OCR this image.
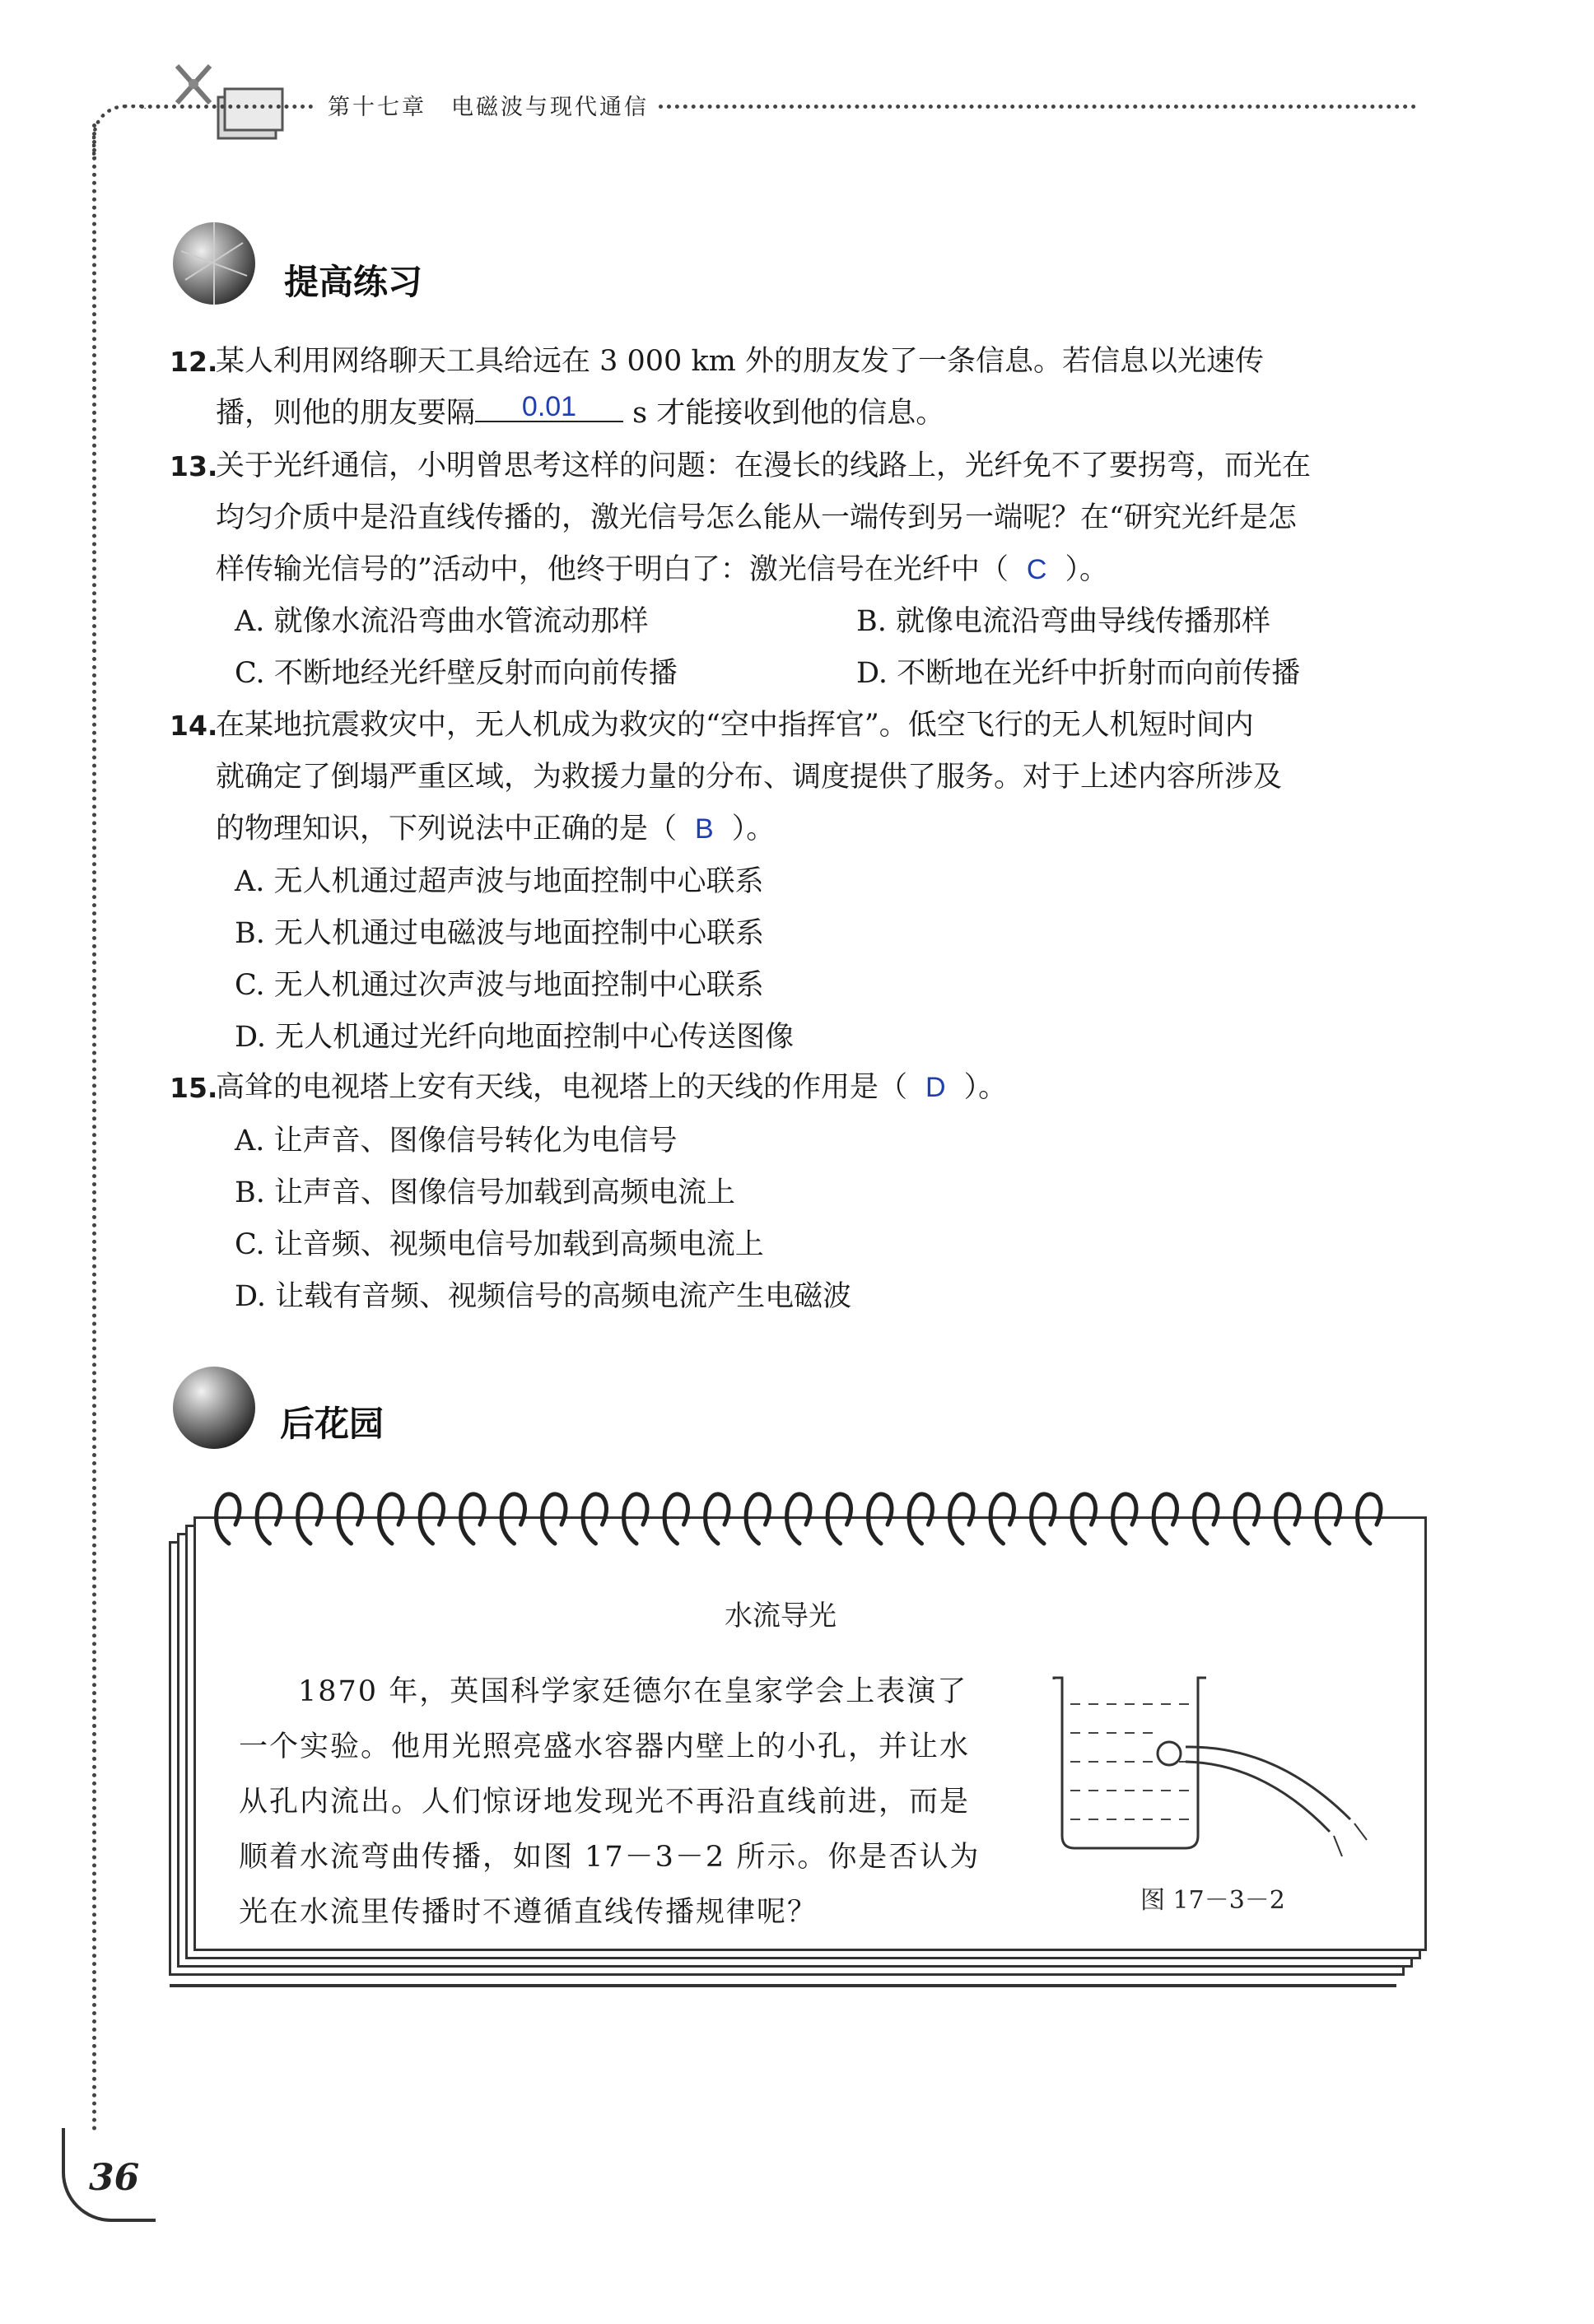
第十七章　电磁波与现代通信
提高练习
12.
某人利用网络聊天工具给远在 3 000 km 外的朋友发了一条信息。若信息以光速传
播，则他的朋友要隔	0.01	s 才能接收到他的信息。
13.
关于光纤通信，小明曾思考这样的问题：在漫长的线路上，光纤免不了要拐弯，而光在
均匀介质中是沿直线传播的，激光信号怎么能从一端传到另一端呢？在“研究光纤是怎
样传输光信号的”活动中，他终于明白了：激光信号在光纤中（ C ）。
A. 就像水流沿弯曲水管流动那样	B. 就像电流沿弯曲导线传播那样
C. 不断地经光纤壁反射而向前传播	D. 不断地在光纤中折射而向前传播
14.
在某地抗震救灾中，无人机成为救灾的“空中指挥官”。低空飞行的无人机短时间内
就确定了倒塌严重区域，为救援力量的分布、调度提供了服务。对于上述内容所涉及
的物理知识，下列说法中正确的是（ B ）。
A. 无人机通过超声波与地面控制中心联系
B. 无人机通过电磁波与地面控制中心联系
C. 无人机通过次声波与地面控制中心联系
D. 无人机通过光纤向地面控制中心传送图像
15.
高耸的电视塔上安有天线，电视塔上的天线的作用是（ D ）。
A. 让声音、图像信号转化为电信号
B. 让声音、图像信号加载到高频电流上
C. 让音频、视频电信号加载到高频电流上
D. 让载有音频、视频信号的高频电流产生电磁波
后花园
水流导光
1870 年，英国科学家廷德尔在皇家学会上表演了
一个实验。他用光照亮盛水容器内壁上的小孔，并让水
从孔内流出。人们惊讶地发现光不再沿直线前进，而是
顺着水流弯曲传播，如图 17－3－2 所示。你是否认为
光在水流里传播时不遵循直线传播规律呢？	图 17－3－2
36
